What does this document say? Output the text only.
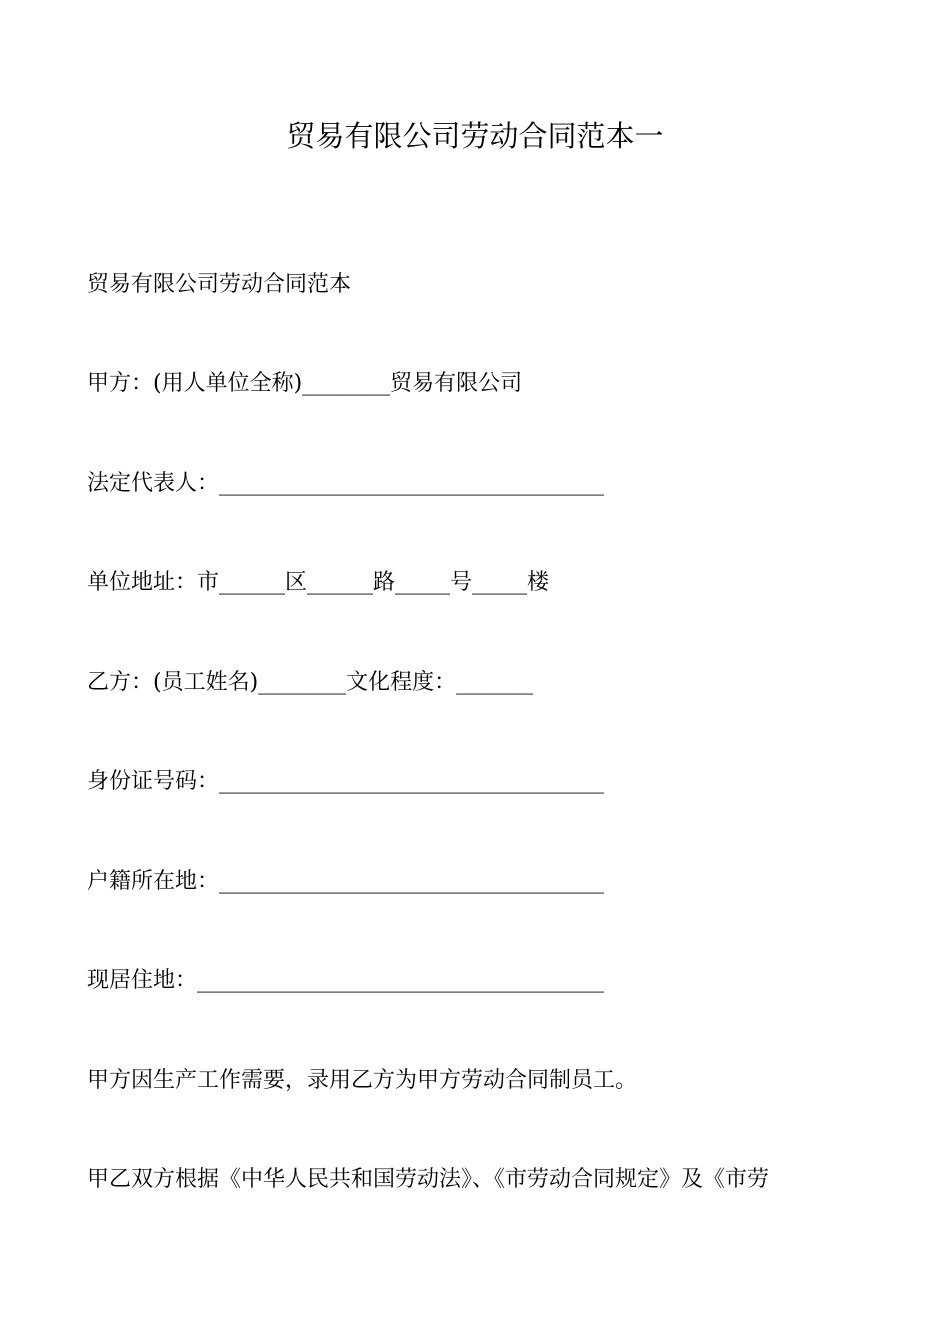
贸易有限公司劳动合同范本一
贸易有限公司劳动合同范本
甲方：(用人单位全称)________贸易有限公司
法定代表人：___________________________________
单位地址：市______区______路_____号_____楼
乙方：(员工姓名)________文化程度：_______
身份证号码：___________________________________
户籍所在地：___________________________________
现居住地：_____________________________________
甲方因生产工作需要，录用乙方为甲方劳动合同制员工。
甲乙双方根据《中华人民共和国劳动法》、《市劳动合同规定》及《市劳
